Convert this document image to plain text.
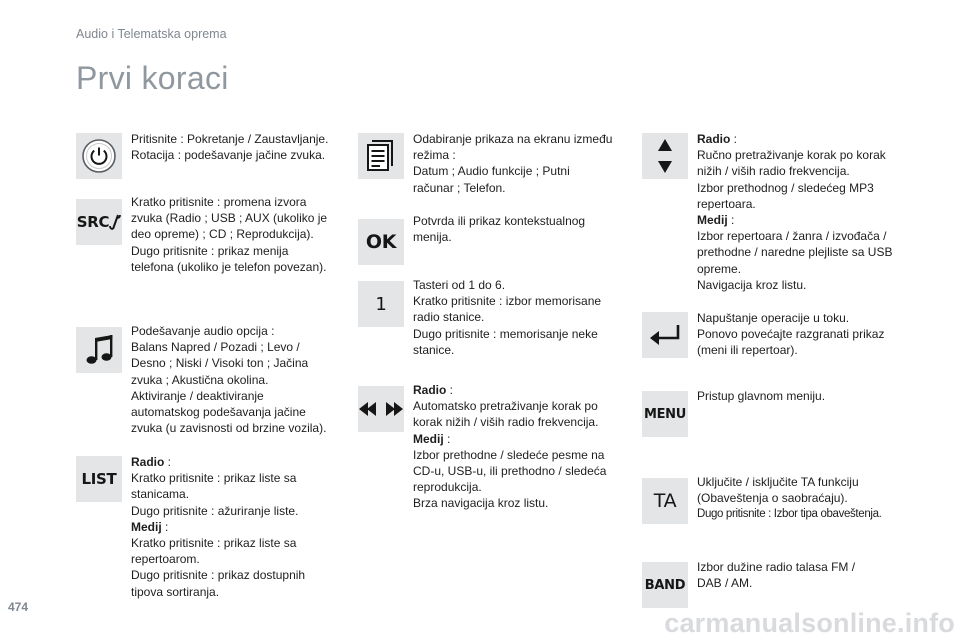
Audio i Telematska oprema
Prvi koraci
Pritisnite : Pokretanje / Zaustavljanje.
Rotacija : podešavanje jačine zvuka.
SRC
Kratko pritisnite : promena izvora
zvuka (Radio ; USB ; AUX (ukoliko je
deo opreme) ; CD ; Reprodukcija).
Dugo pritisnite : prikaz menija
telefona (ukoliko je telefon povezan).
Podešavanje audio opcija :
Balans Napred / Pozadi ; Levo /
Desno ; Niski / Visoki ton ; Jačina
zvuka ; Akustična okolina.
Aktiviranje / deaktiviranje
automatskog podešavanja jačine
zvuka (u zavisnosti od brzine vozila).
LIST
Radio :
Kratko pritisnite : prikaz liste sa
stanicama.
Dugo pritisnite : ažuriranje liste.
Medij :
Kratko pritisnite : prikaz liste sa
repertoarom.
Dugo pritisnite : prikaz dostupnih
tipova sortiranja.
Odabiranje prikaza na ekranu između
režima :
Datum ; Audio funkcije ; Putni
računar ; Telefon.
OK
Potvrda ili prikaz kontekstualnog
menija.
1
Tasteri od 1 do 6.
Kratko pritisnite : izbor memorisane
radio stanice.
Dugo pritisnite : memorisanje neke
stanice.
Radio :
Automatsko pretraživanje korak po
korak nižih / viših radio frekvencija.
Medij :
Izbor prethodne / sledeće pesme na
CD-u, USB-u, ili prethodno / sledeća
reprodukcija.
Brza navigacija kroz listu.
Radio :
Ručno pretraživanje korak po korak
nižih / viših radio frekvencija.
Izbor prethodnog / sledećeg MP3
repertoara.
Medij :
Izbor repertoara / žanra / izvođača /
prethodne / naredne plejliste sa USB
opreme.
Navigacija kroz listu.
Napuštanje operacije u toku.
Ponovo povećajte razgranati prikaz
(meni ili repertoar).
MENU
Pristup glavnom meniju.
TA
Uključite / isključite TA funkciju
(Obaveštenja o saobraćaju).
Dugo pritisnite : Izbor tipa obaveštenja.
BAND
Izbor dužine radio talasa FM /
DAB / AM.
474
carmanualsonline.info
